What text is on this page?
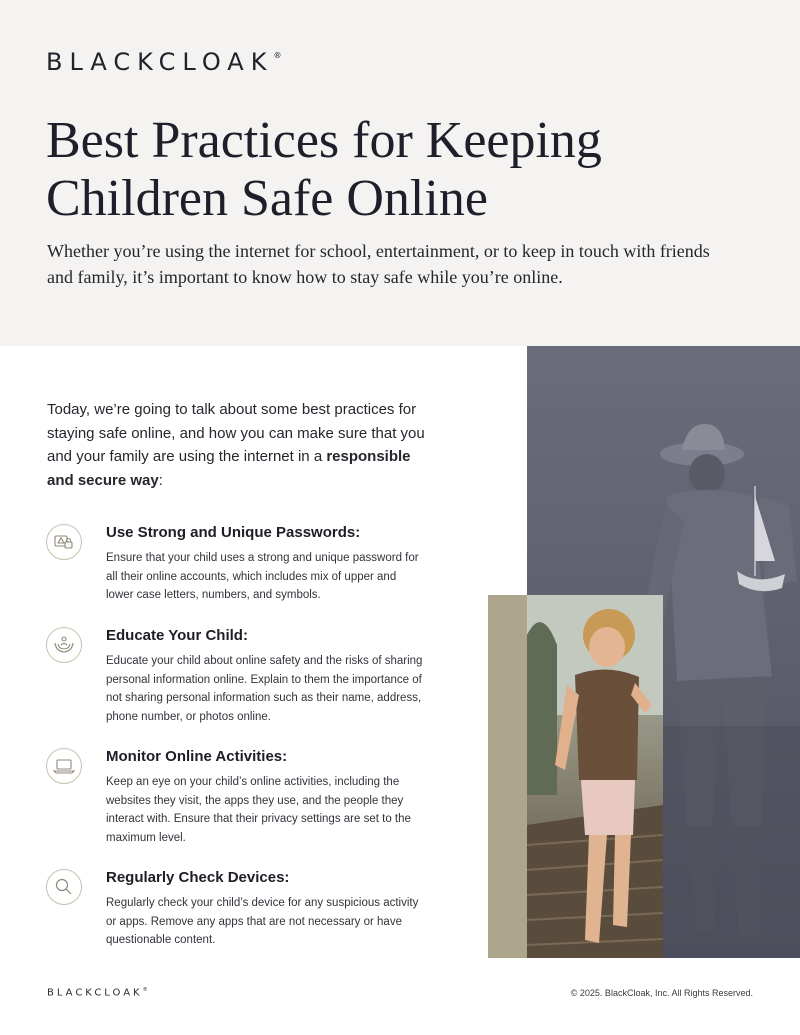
BLACKCLOAK®
Best Practices for Keeping
Children Safe Online
Whether you’re using the internet for school, entertainment, or to keep in touch with friends and family, it’s important to know how to stay safe while you’re online.
Today, we’re going to talk about some best practices for staying safe online, and how you can make sure that you and your family are using the internet in a responsible and secure way:
Use Strong and Unique Passwords:
Ensure that your child uses a strong and unique password for all their online accounts, which includes mix of upper and lower case letters, numbers, and symbols.
Educate Your Child:
Educate your child about online safety and the risks of sharing personal information online. Explain to them the importance of not sharing personal information such as their name, address, phone number, or photos online.
Monitor Online Activities:
Keep an eye on your child’s online activities, including the websites they visit, the apps they use, and the people they interact with. Ensure that their privacy settings are set to the maximum level.
Regularly Check Devices:
Regularly check your child’s device for any suspicious activity or apps. Remove any apps that are not necessary or have questionable content.
BLACKCLOAK®	© 2025. BlackCloak, Inc. All Rights Reserved.
